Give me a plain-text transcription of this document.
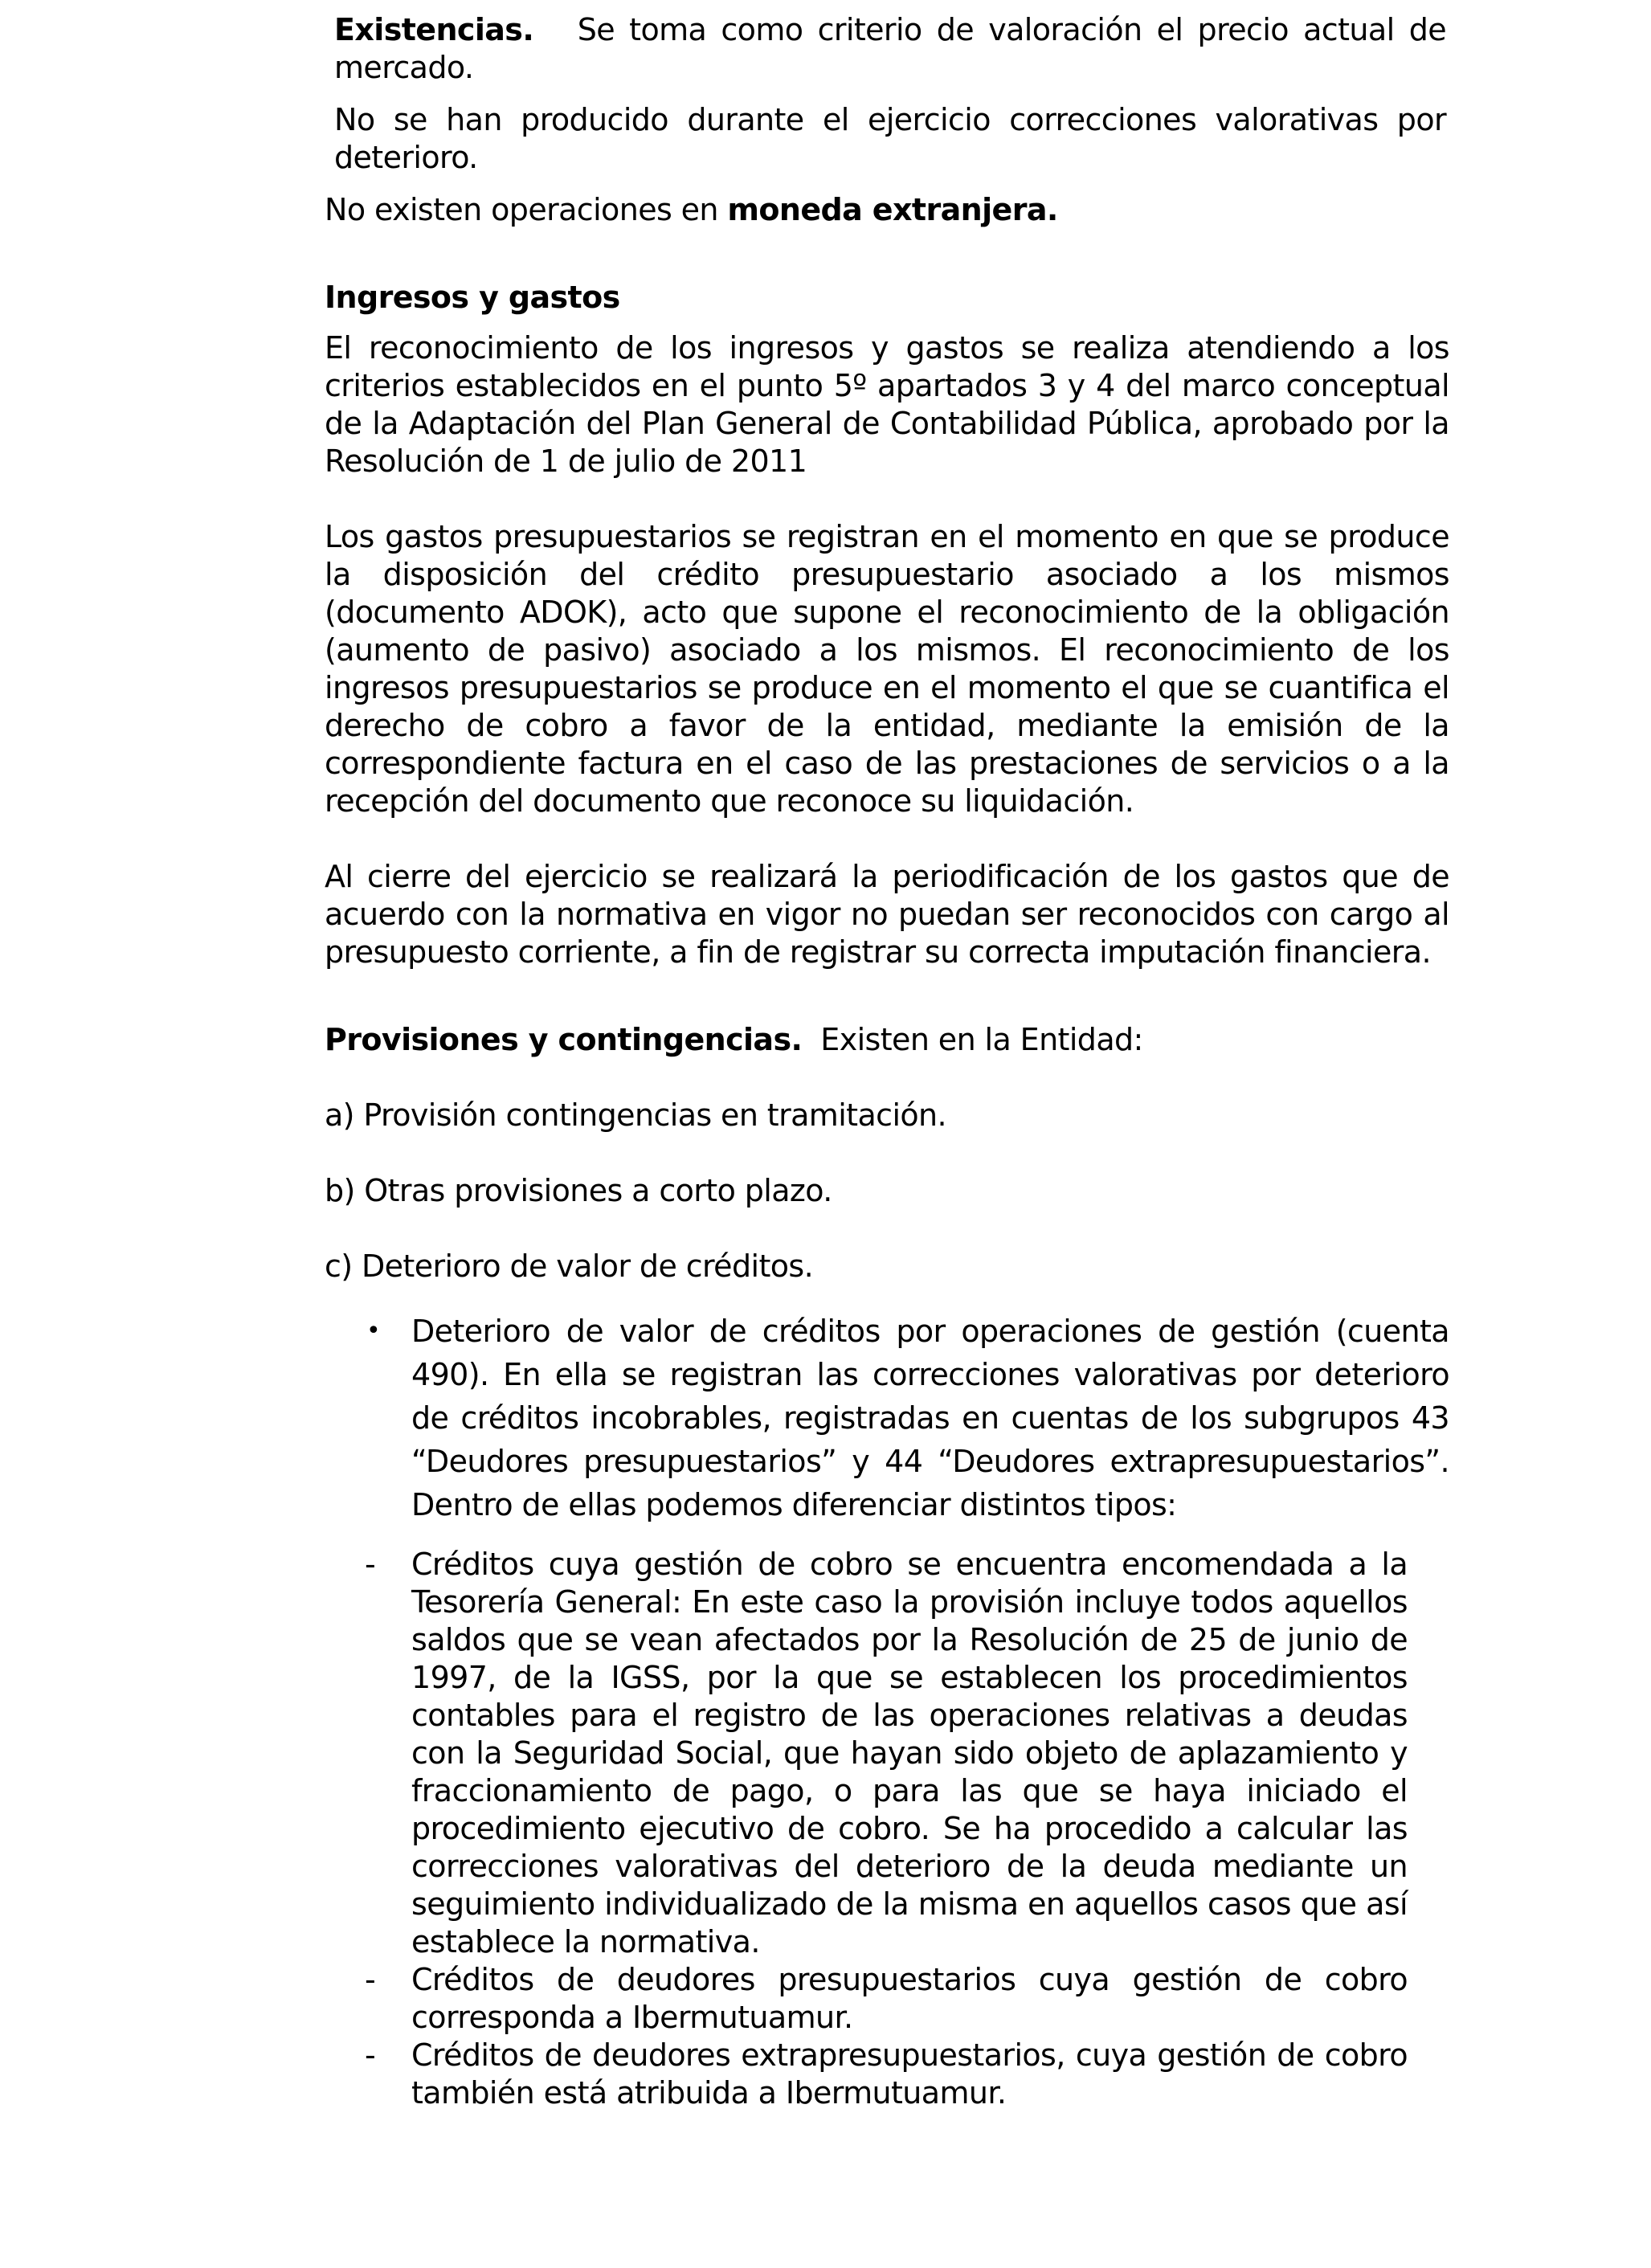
Existencias. Se toma como criterio de valoración el precio actual de mercado.

No se han producido durante el ejercicio correcciones valorativas por deterioro.

No existen operaciones en moneda extranjera.

Ingresos y gastos

El reconocimiento de los ingresos y gastos se realiza atendiendo a los criterios establecidos en el punto 5º apartados 3 y 4 del marco conceptual de la Adaptación del Plan General de Contabilidad Pública, aprobado por la Resolución de 1 de julio de 2011

Los gastos presupuestarios se registran en el momento en que se produce la disposición del crédito presupuestario asociado a los mismos (documento ADOK), acto que supone el reconocimiento de la obligación (aumento de pasivo) asociado a los mismos. El reconocimiento de los ingresos presupuestarios se produce en el momento el que se cuantifica el derecho de cobro a favor de la entidad, mediante la emisión de la correspondiente factura en el caso de las prestaciones de servicios o a la recepción del documento que reconoce su liquidación.

Al cierre del ejercicio se realizará la periodificación de los gastos que de acuerdo con la normativa en vigor no puedan ser reconocidos con cargo al presupuesto corriente, a fin de registrar su correcta imputación financiera.

Provisiones y contingencias. Existen en la Entidad:

a) Provisión contingencias en tramitación.

b) Otras provisiones a corto plazo.

c) Deterioro de valor de créditos.

• Deterioro de valor de créditos por operaciones de gestión (cuenta 490). En ella se registran las correcciones valorativas por deterioro de créditos incobrables, registradas en cuentas de los subgrupos 43 “Deudores presupuestarios” y 44 “Deudores extrapresupuestarios”. Dentro de ellas podemos diferenciar distintos tipos:

- Créditos cuya gestión de cobro se encuentra encomendada a la Tesorería General: En este caso la provisión incluye todos aquellos saldos que se vean afectados por la Resolución de 25 de junio de 1997, de la IGSS, por la que se establecen los procedimientos contables para el registro de las operaciones relativas a deudas con la Seguridad Social, que hayan sido objeto de aplazamiento y fraccionamiento de pago, o para las que se haya iniciado el procedimiento ejecutivo de cobro. Se ha procedido a calcular las correcciones valorativas del deterioro de la deuda mediante un seguimiento individualizado de la misma en aquellos casos que así establece la normativa.

- Créditos de deudores presupuestarios cuya gestión de cobro corresponda a Ibermutuamur.

- Créditos de deudores extrapresupuestarios, cuya gestión de cobro también está atribuida a Ibermutuamur.
